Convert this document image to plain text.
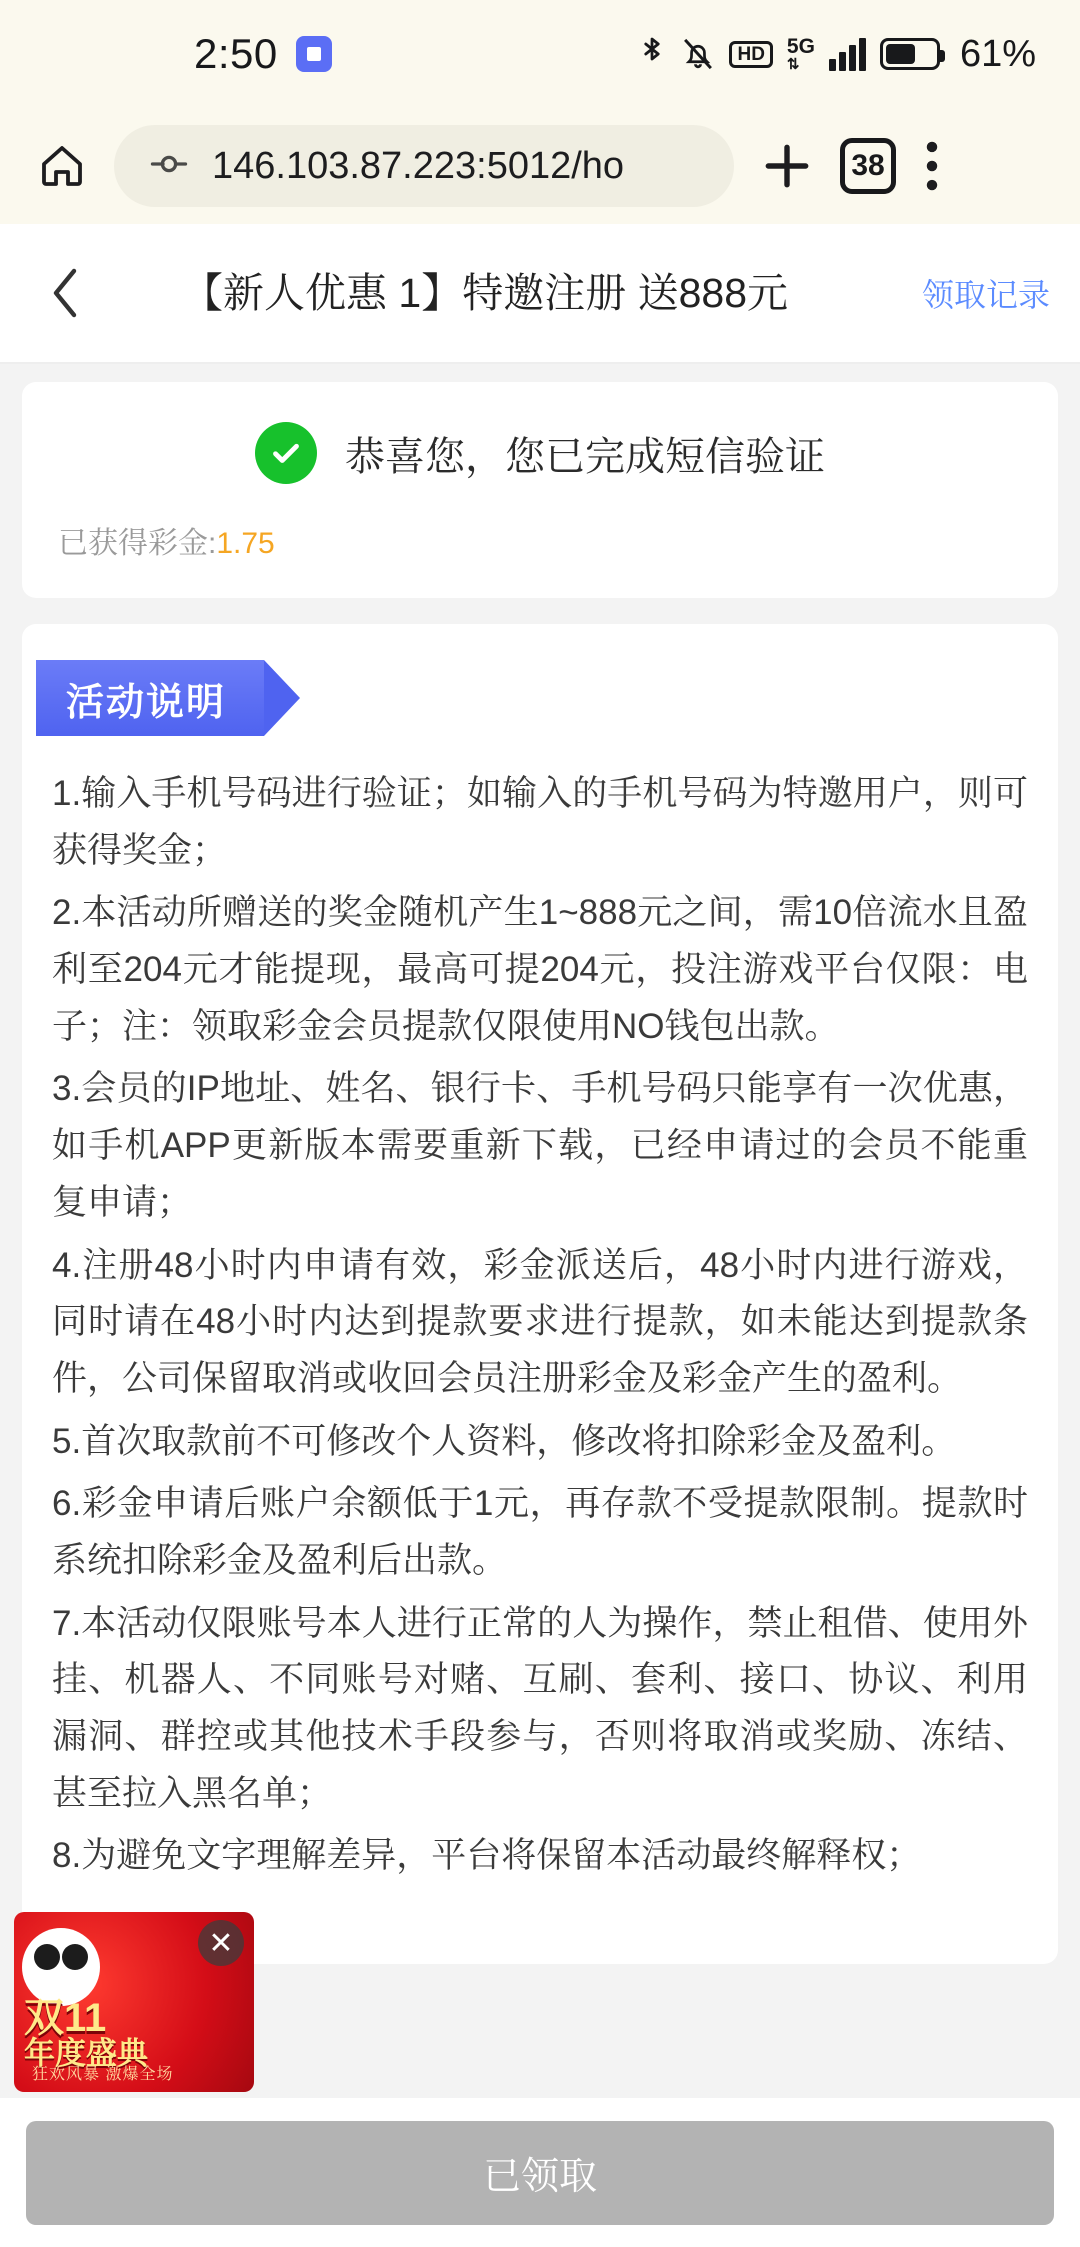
2:50	HD	5G
⇅	61%
146.103.87.223:5012/ho	38
【新人优惠 1】特邀注册 送888元	领取记录
恭喜您，您已完成短信验证
已获得彩金:1.75
活动说明

1.输入手机号码进行验证；如输入的手机号码为特邀用户，则可获得奖金；

2.本活动所赠送的奖金随机产生1~888元之间，需10倍流水且盈利至204元才能提现，最高可提204元，投注游戏平台仅限：电子；注：领取彩金会员提款仅限使用NO钱包出款。

3.会员的IP地址、姓名、银行卡、手机号码只能享有一次优惠，如手机APP更新版本需要重新下载，已经申请过的会员不能重复申请；

4.注册48小时内申请有效，彩金派送后，48小时内进行游戏，同时请在48小时内达到提款要求进行提款，如未能达到提款条件，公司保留取消或收回会员注册彩金及彩金产生的盈利。

5.首次取款前不可修改个人资料，修改将扣除彩金及盈利。

6.彩金申请后账户余额低于1元，再存款不受提款限制。提款时系统扣除彩金及盈利后出款。

7.本活动仅限账号本人进行正常的人为操作，禁止租借、使用外挂、机器人、不同账号对赌、互刷、套利、接口、协议、利用漏洞、群控或其他技术手段参与，否则将取消或奖励、冻结、甚至拉入黑名单；

8.为避免文字理解差异，平台将保留本活动最终解释权；

✕
双11
年度盛典
狂欢风暴 激爆全场
已领取
